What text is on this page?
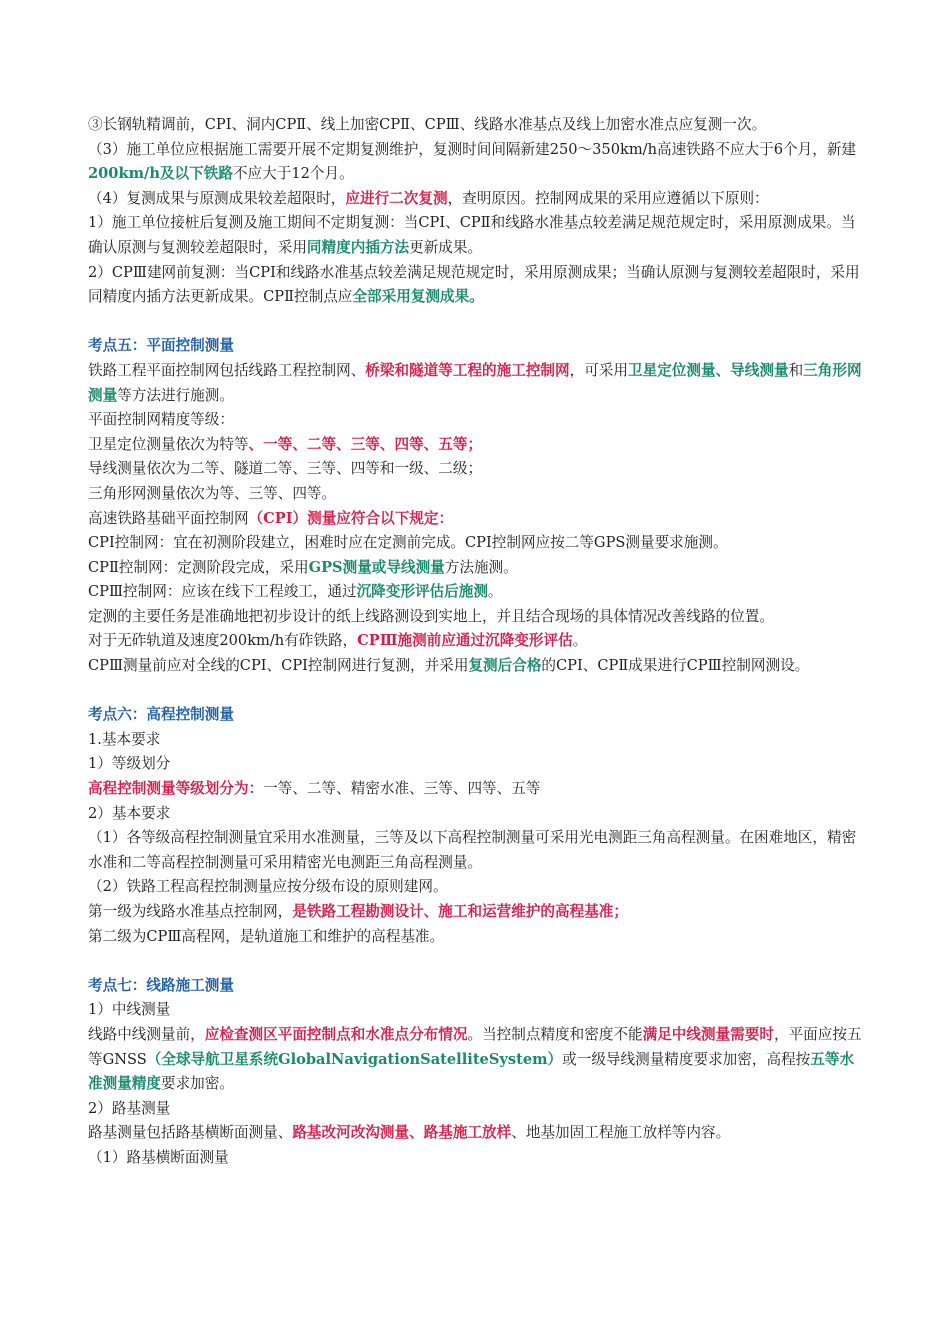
③长钢轨精调前，CPI、洞内CPⅡ、线上加密CPⅡ、CPⅢ、线路水准基点及线上加密水准点应复测一次。

（3）施工单位应根据施工需要开展不定期复测维护，复测时间间隔新建250～350km/h高速铁路不应大于6个月，新建200km/h及以下铁路不应大于12个月。

（4）复测成果与原测成果较差超限时，应进行二次复测，查明原因。控制网成果的采用应遵循以下原则：

1）施工单位接桩后复测及施工期间不定期复测：当CPⅠ、CPⅡ和线路水准基点较差满足规范规定时，采用原测成果。当确认原测与复测较差超限时，采用同精度内插方法更新成果。

2）CPⅢ建网前复测：当CPⅠ和线路水准基点较差满足规范规定时，采用原测成果；当确认原测与复测较差超限时，采用同精度内插方法更新成果。CPⅡ控制点应全部采用复测成果。

考点五：平面控制测量

铁路工程平面控制网包括线路工程控制网、桥梁和隧道等工程的施工控制网，可采用卫星定位测量、导线测量和三角形网测量等方法进行施测。

平面控制网精度等级：

卫星定位测量依次为特等、一等、二等、三等、四等、五等；

导线测量依次为二等、隧道二等、三等、四等和一级、二级；

三角形网测量依次为等、三等、四等。

高速铁路基础平面控制网（CPI）测量应符合以下规定：

CPⅠ控制网：宜在初测阶段建立，困难时应在定测前完成。CPⅠ控制网应按二等GPS测量要求施测。

CPⅡ控制网：定测阶段完成，采用GPS测量或导线测量方法施测。

CPⅢ控制网：应该在线下工程竣工，通过沉降变形评估后施测。

定测的主要任务是准确地把初步设计的纸上线路测设到实地上，并且结合现场的具体情况改善线路的位置。

对于无砟轨道及速度200km/h有砟铁路，CPⅢ施测前应通过沉降变形评估。

CPⅢ测量前应对全线的CPI、CPI控制网进行复测，并采用复测后合格的CPI、CPⅡ成果进行CPⅢ控制网测设。

考点六：高程控制测量

1.基本要求

1）等级划分

高程控制测量等级划分为：一等、二等、精密水准、三等、四等、五等

2）基本要求

（1）各等级高程控制测量宜采用水准测量，三等及以下高程控制测量可采用光电测距三角高程测量。在困难地区，精密水准和二等高程控制测量可采用精密光电测距三角高程测量。

（2）铁路工程高程控制测量应按分级布设的原则建网。

第一级为线路水准基点控制网，是铁路工程勘测设计、施工和运营维护的高程基准；

第二级为CPⅢ高程网，是轨道施工和维护的高程基准。

考点七：线路施工测量

1）中线测量

线路中线测量前，应检查测区平面控制点和水准点分布情况。当控制点精度和密度不能满足中线测量需要时，平面应按五等GNSS（全球导航卫星系统GlobalNavigationSatelliteSystem）或一级导线测量精度要求加密，高程按五等水准测量精度要求加密。

2）路基测量

路基测量包括路基横断面测量、路基改河改沟测量、路基施工放样、地基加固工程施工放样等内容。

（1）路基横断面测量
